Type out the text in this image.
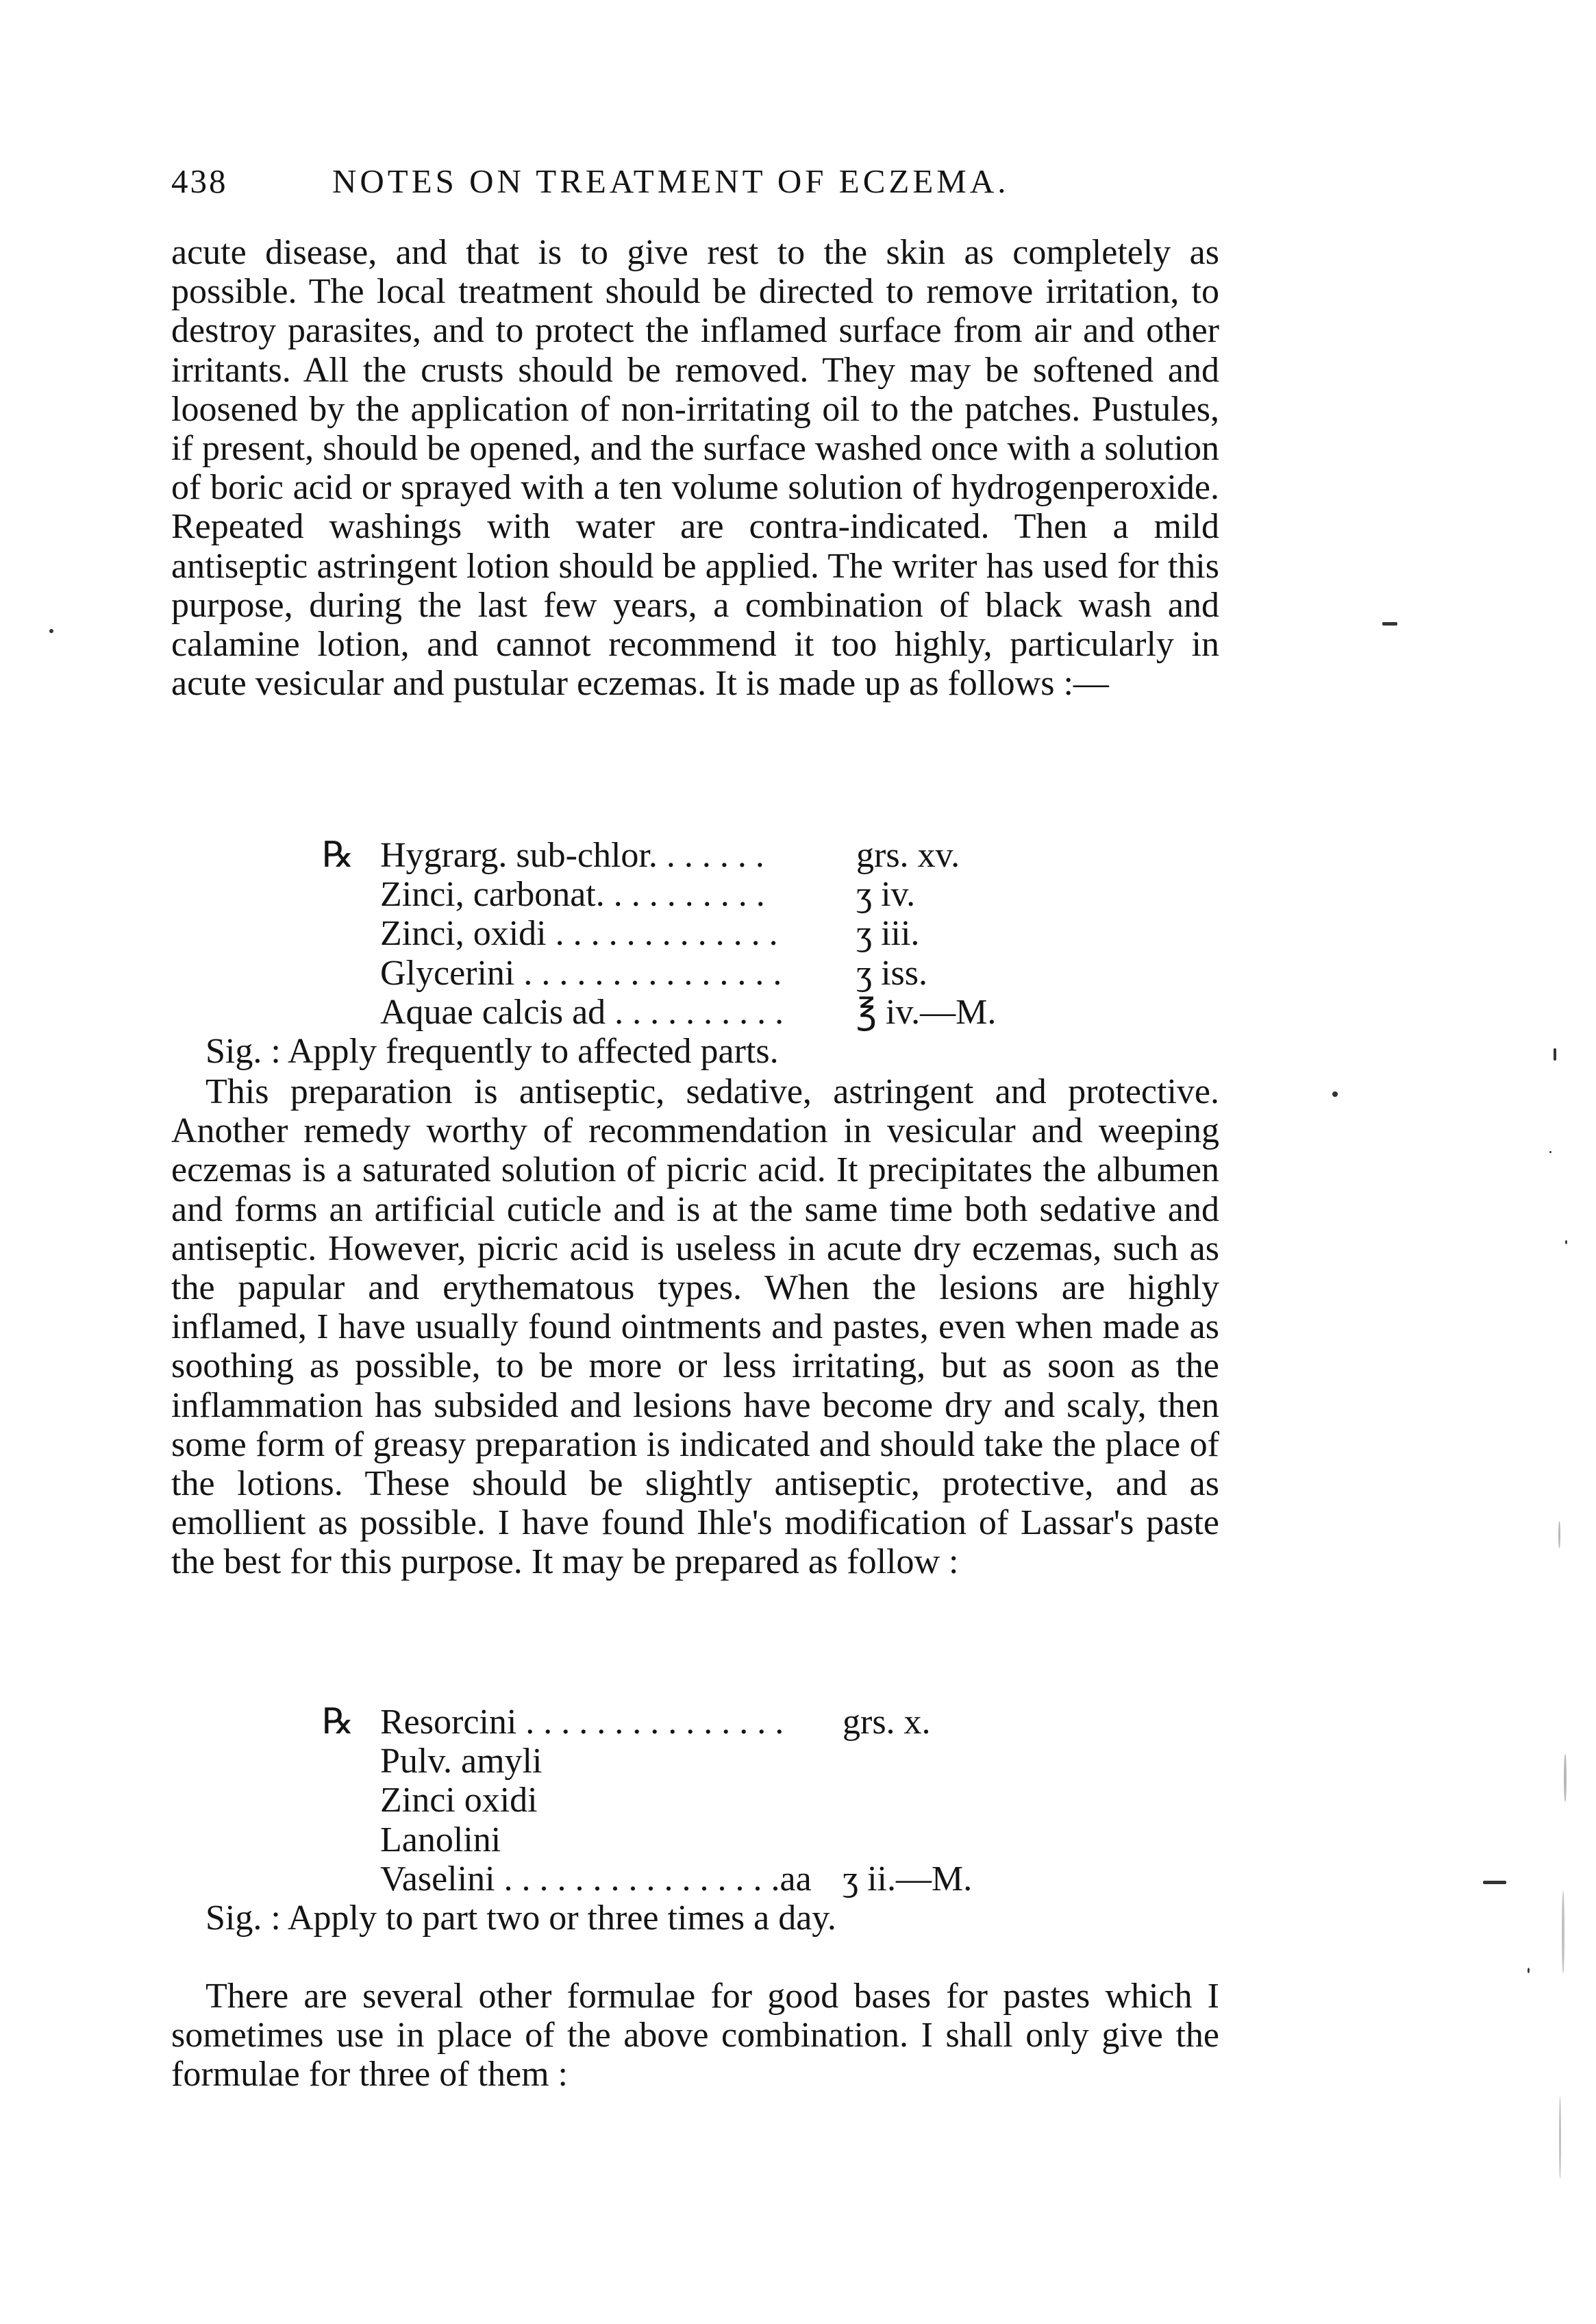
438	NOTES ON TREATMENT OF ECZEMA.
acute disease, and that is to give rest to the skin as completely as possible. The local treatment should be directed to remove irritation, to destroy parasites, and to protect the inflamed surface from air and other irritants. All the crusts should be removed. They may be softened and loosened by the application of non-irritating oil to the patches. Pustules, if present, should be opened, and the surface washed once with a solution of boric acid or sprayed with a ten volume solution of hydrogenperoxide. Repeated washings with water are contra-indicated. Then a mild antiseptic astringent lotion should be applied. The writer has used for this purpose, during the last few years, a combination of black wash and calamine lotion, and cannot recommend it too highly, particularly in acute vesicular and pustular eczemas. It is made up as follows :—
℞ Hygrarg. sub-chlor. . . . . . .	grs. xv.
Zinci, carbonat. . . . . . . . . .	ʒ iv.
Zinci, oxidi . . . . . . . . . . . . . ʒ iii.
Glycerini . . . . . . . . . . . . . . . ʒ iss.
Aquae calcis ad . . . . . . . . . . ℥ iv.—M.
Sig. : Apply frequently to affected parts.
This preparation is antiseptic, sedative, astringent and protective. Another remedy worthy of recommendation in vesicular and weeping eczemas is a saturated solution of picric acid. It precipitates the albumen and forms an artificial cuticle and is at the same time both sedative and antiseptic. However, picric acid is useless in acute dry eczemas, such as the papular and erythematous types. When the lesions are highly inflamed, I have usually found ointments and pastes, even when made as soothing as possible, to be more or less irritating, but as soon as the inflammation has subsided and lesions have become dry and scaly, then some form of greasy preparation is indicated and should take the place of the lotions. These should be slightly antiseptic, protective, and as emollient as possible. I have found Ihle's modification of Lassar's paste the best for this purpose. It may be prepared as follow :
℞ Resorcini . . . . . . . . . . . . . . . grs. x.
Pulv. amyli
Zinci oxidi
Lanolini
Vaselini . . . . . . . . . . . . . . . .aa ʒ ii.—M.
Sig. : Apply to part two or three times a day.
There are several other formulae for good bases for pastes which I sometimes use in place of the above combination. I shall only give the formulae for three of them :
